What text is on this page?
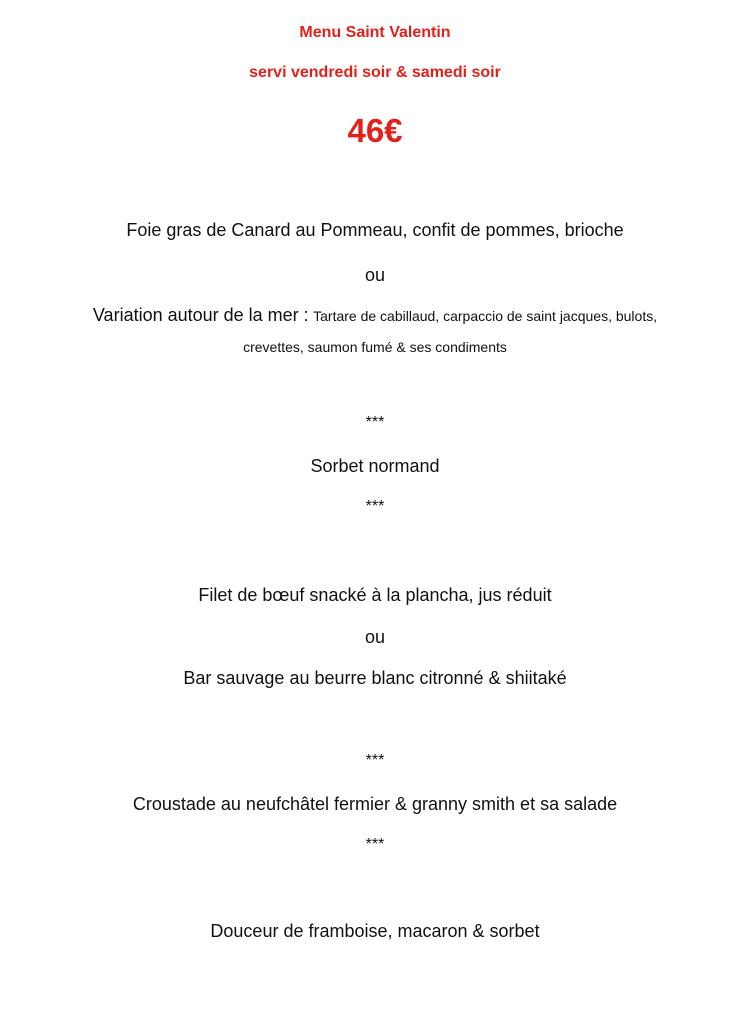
Menu Saint Valentin
servi vendredi soir & samedi soir
46€
Foie gras de Canard au Pommeau, confit de pommes, brioche
ou
Variation autour de la mer : Tartare de cabillaud, carpaccio de saint jacques, bulots,
crevettes, saumon fumé & ses condiments
***
Sorbet normand
***
Filet de bœuf snacké à la plancha, jus réduit
ou
Bar sauvage au beurre blanc citronné & shiitaké
***
Croustade au neufchâtel fermier & granny smith et sa salade
***
Douceur de framboise, macaron & sorbet
